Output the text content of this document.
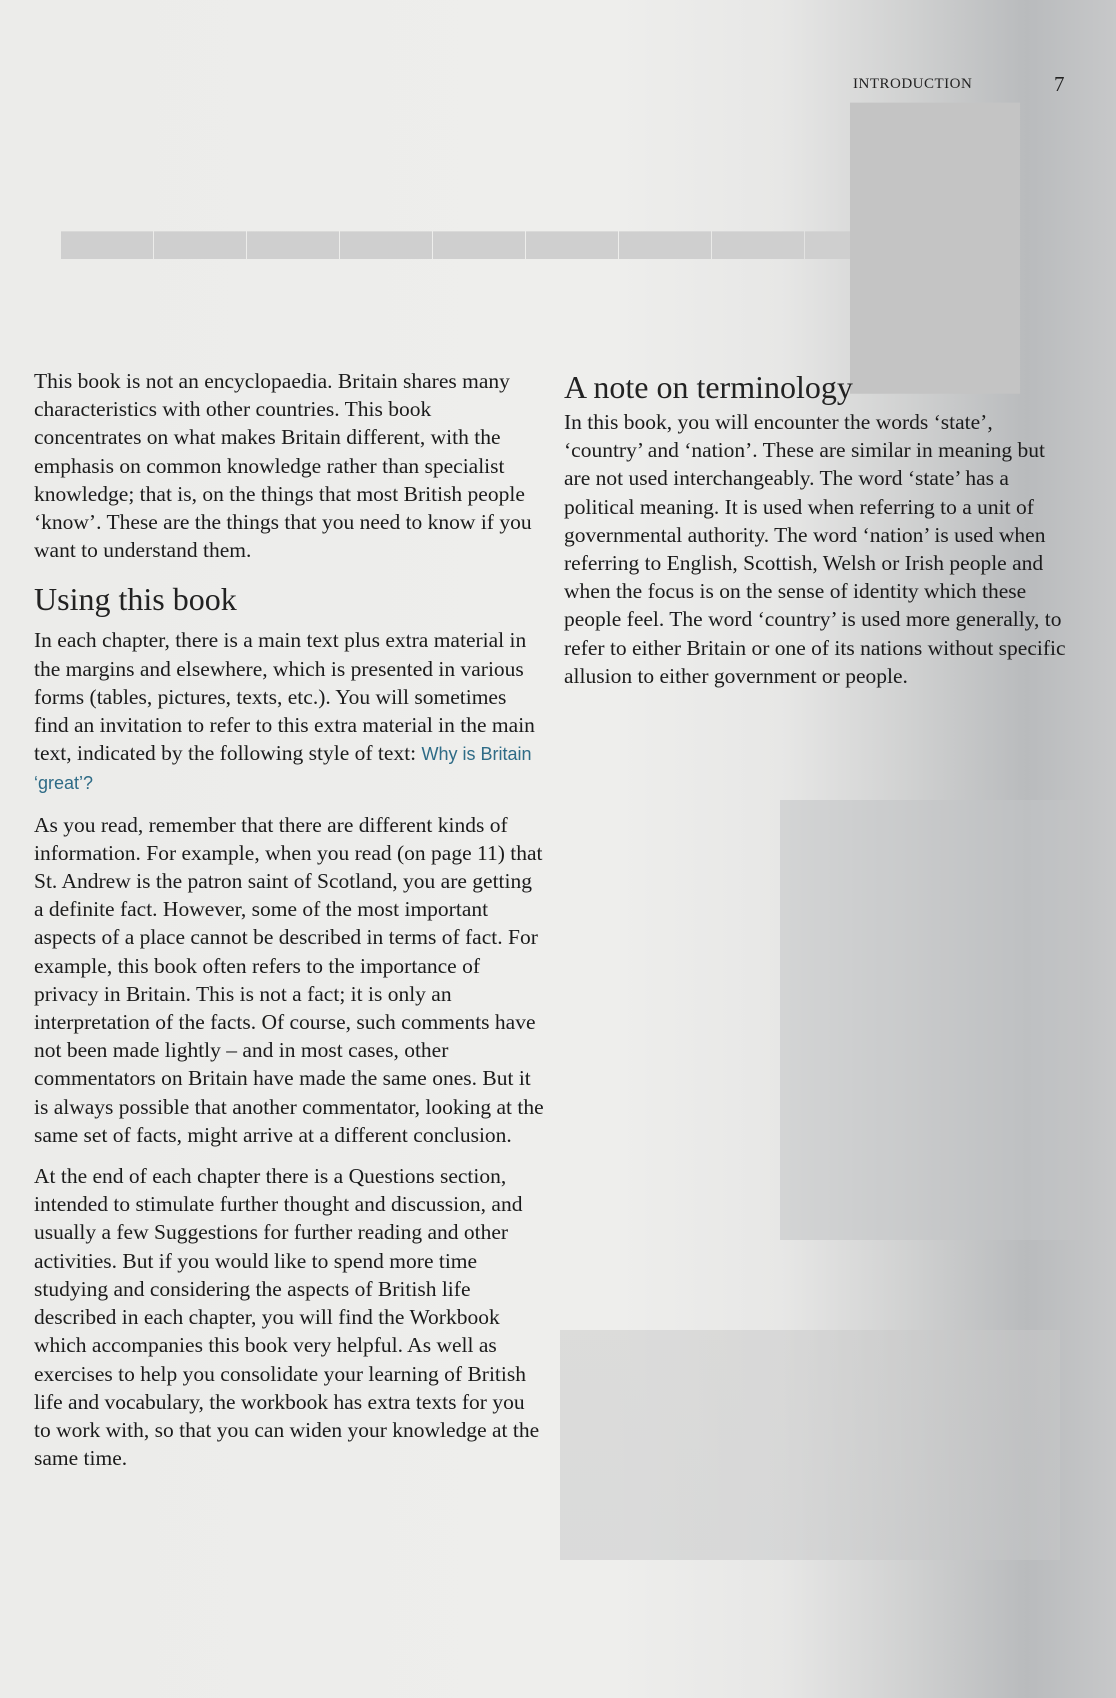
▬▬▬▬▬▬▬▬▬
█
INTRODUCTION	7

This book is not an encyclopaedia. Britain shares many characteristics with other countries. This book concentrates on what makes Britain different, with the emphasis on common knowledge rather than specialist knowledge; that is, on the things that most British people ‘know’. These are the things that you need to know if you want to understand them.

Using this book

In each chapter, there is a main text plus extra material in the margins and elsewhere, which is presented in various forms (tables, pictures, texts, etc.). You will sometimes find an invitation to refer to this extra material in the main text, indicated by the following style of text: Why is Britain ‘great’?

As you read, remember that there are different kinds of information. For example, when you read (on page 11) that St. Andrew is the patron saint of Scotland, you are getting a definite fact. However, some of the most important aspects of a place cannot be described in terms of fact. For example, this book often refers to the importance of privacy in Britain. This is not a fact; it is only an interpretation of the facts. Of course, such comments have not been made lightly – and in most cases, other commentators on Britain have made the same ones. But it is always possible that another commentator, looking at the same set of facts, might arrive at a different conclusion.

At the end of each chapter there is a Questions section, intended to stimulate further thought and discussion, and usually a few Suggestions for further reading and other activities. But if you would like to spend more time studying and considering the aspects of British life described in each chapter, you will find the Workbook which accompanies this book very helpful. As well as exercises to help you consolidate your learning of British life and vocabulary, the workbook has extra texts for you to work with, so that you can widen your knowledge at the same time.

A note on terminology

In this book, you will encounter the words ‘state’, ‘country’ and ‘nation’. These are similar in meaning but are not used interchangeably. The word ‘state’ has a political meaning. It is used when referring to a unit of governmental authority. The word ‘nation’ is used when referring to English, Scottish, Welsh or Irish people and when the focus is on the sense of identity which these people feel. The word ‘country’ is used more generally, to refer to either Britain or one of its nations without specific allusion to either government or people.
